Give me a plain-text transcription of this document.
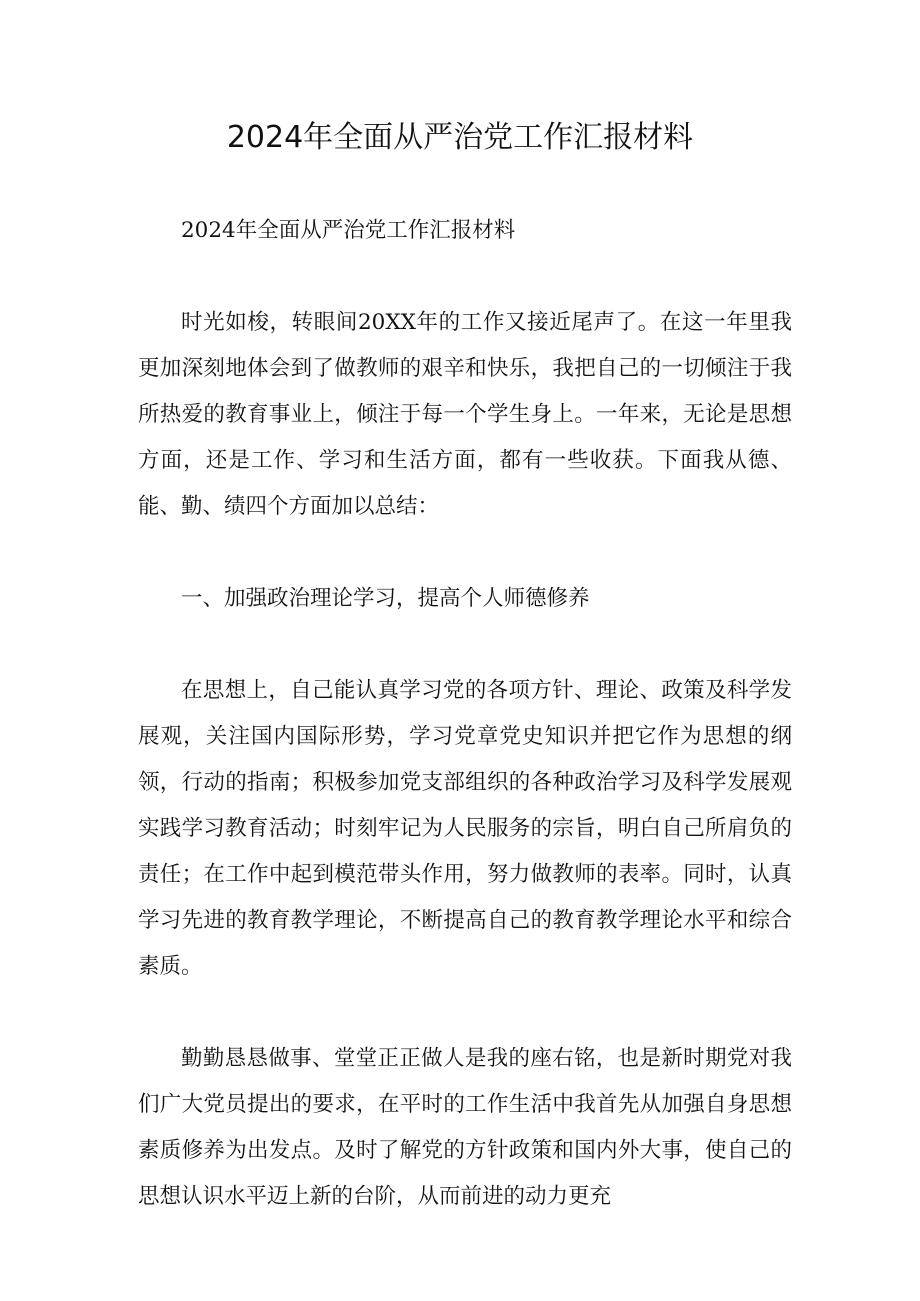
2024年全面从严治党工作汇报材料

2024年全面从严治党工作汇报材料

时光如梭，转眼间20XX年的工作又接近尾声了。在这一年里我更加深刻地体会到了做教师的艰辛和快乐，我把自己的一切倾注于我所热爱的教育事业上，倾注于每一个学生身上。一年来，无论是思想方面，还是工作、学习和生活方面，都有一些收获。下面我从德、能、勤、绩四个方面加以总结：

一、加强政治理论学习，提高个人师德修养

在思想上，自己能认真学习党的各项方针、理论、政策及科学发展观，关注国内国际形势，学习党章党史知识并把它作为思想的纲领，行动的指南；积极参加党支部组织的各种政治学习及科学发展观实践学习教育活动；时刻牢记为人民服务的宗旨，明白自己所肩负的责任；在工作中起到模范带头作用，努力做教师的表率。同时，认真学习先进的教育教学理论，不断提高自己的教育教学理论水平和综合素质。

勤勤恳恳做事、堂堂正正做人是我的座右铭，也是新时期党对我们广大党员提出的要求，在平时的工作生活中我首先从加强自身思想素质修养为出发点。及时了解党的方针政策和国内外大事，使自己的思想认识水平迈上新的台阶，从而前进的动力更充
